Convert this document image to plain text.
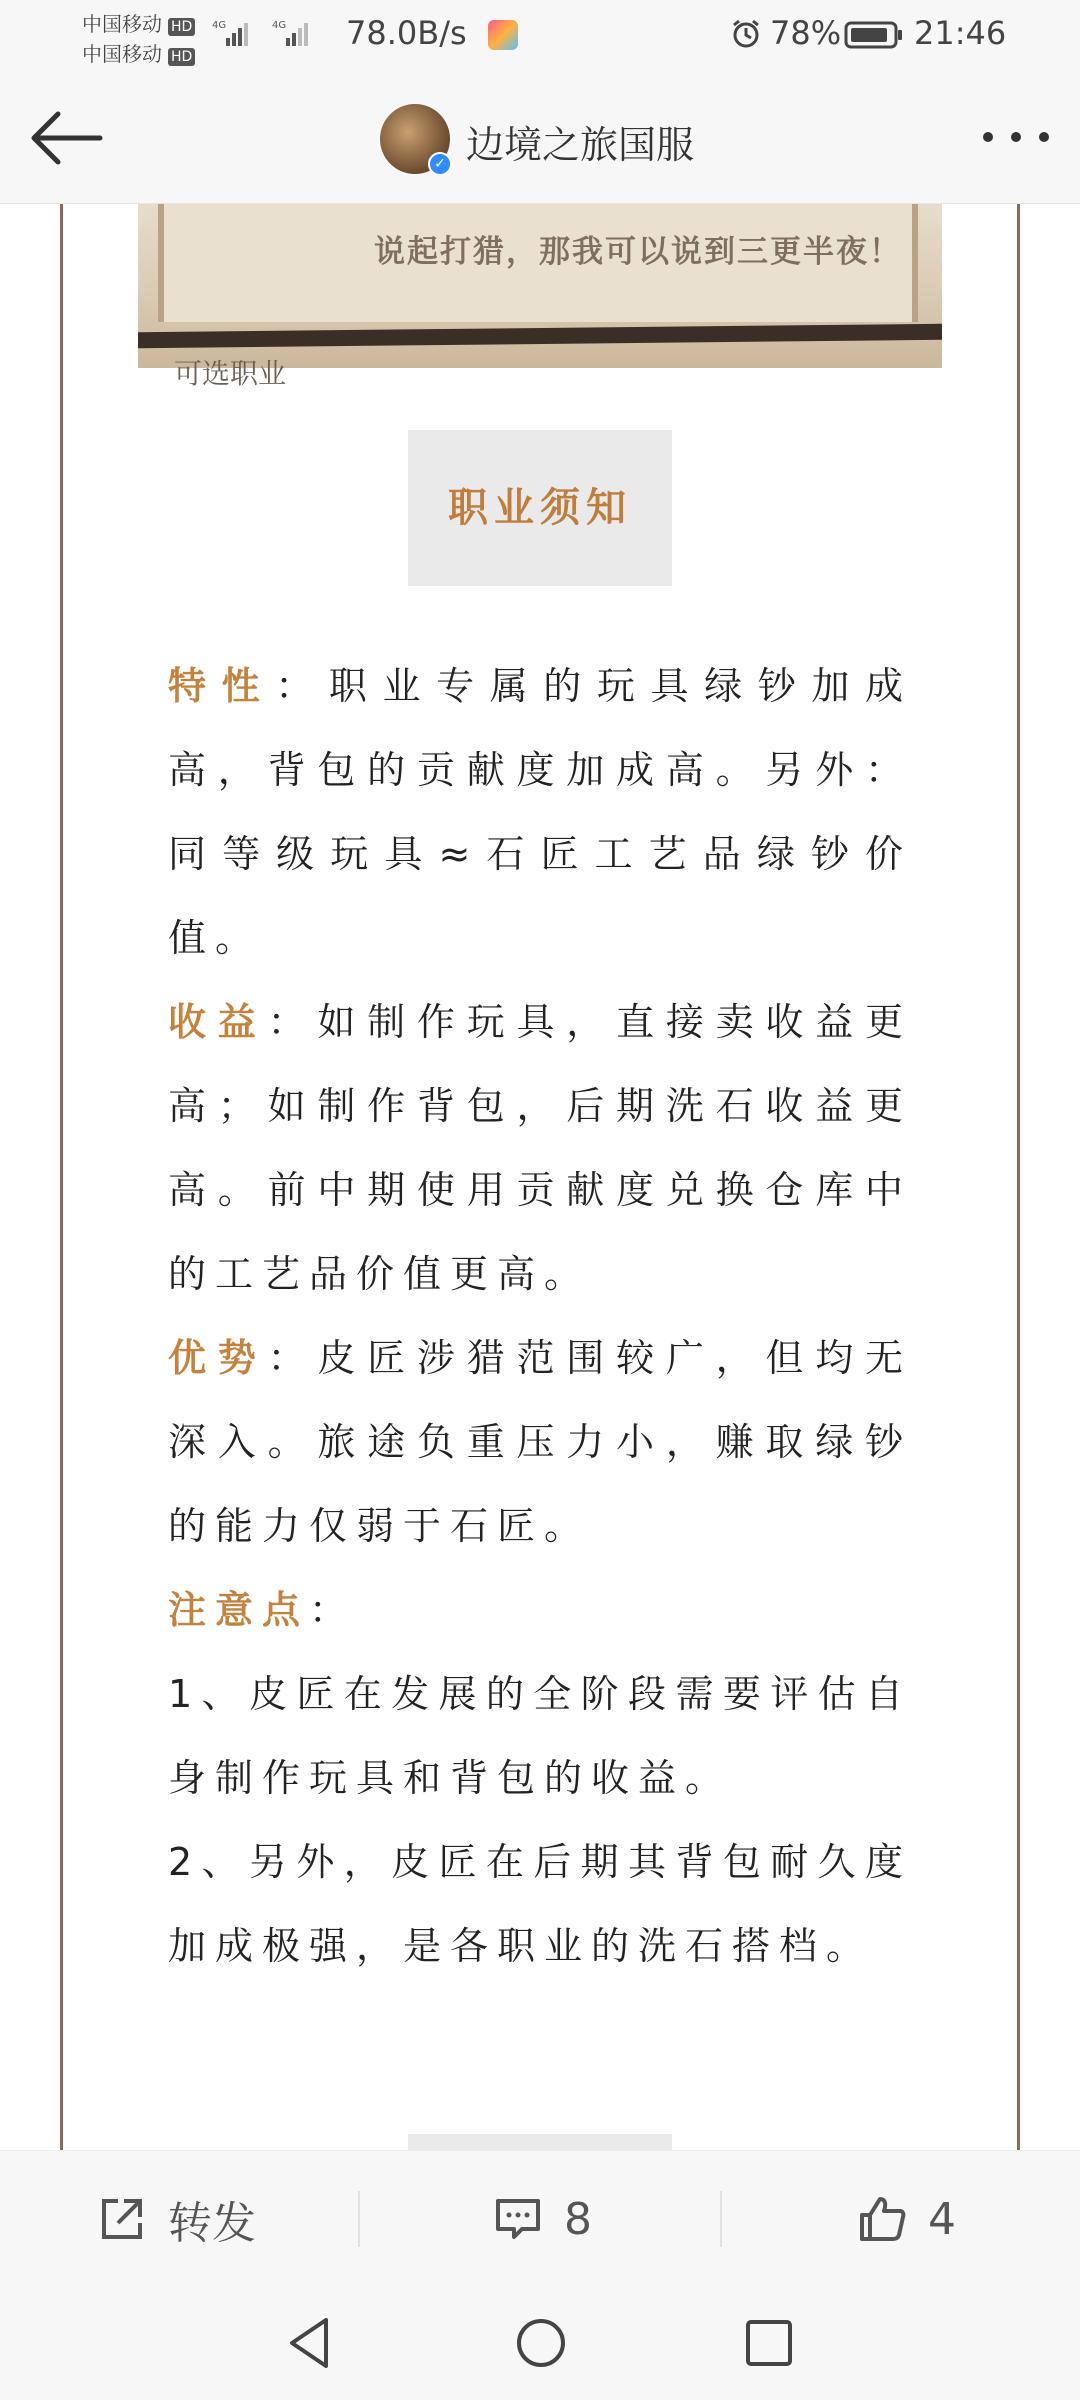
中国移动 HD
中国移动 HD
4G	4G 78.0B/s	78% 21:46
✓ 边境之旅国服
说起打猎，那我可以说到三更半夜！
可选职业
职业须知

特性：职业专属的玩具绿钞加成高，背包的贡献度加成高。另外：同等级玩具≈石匠工艺品绿钞价值。

收益：如制作玩具，直接卖收益更高；如制作背包，后期洗石收益更高。前中期使用贡献度兑换仓库中的工艺品价值更高。

优势：皮匠涉猎范围较广，但均无深入。旅途负重压力小，赚取绿钞的能力仅弱于石匠。

注意点：

1、皮匠在发展的全阶段需要评估自身制作玩具和背包的收益。

2、另外，皮匠在后期其背包耐久度加成极强，是各职业的洗石搭档。

转发	8	4
